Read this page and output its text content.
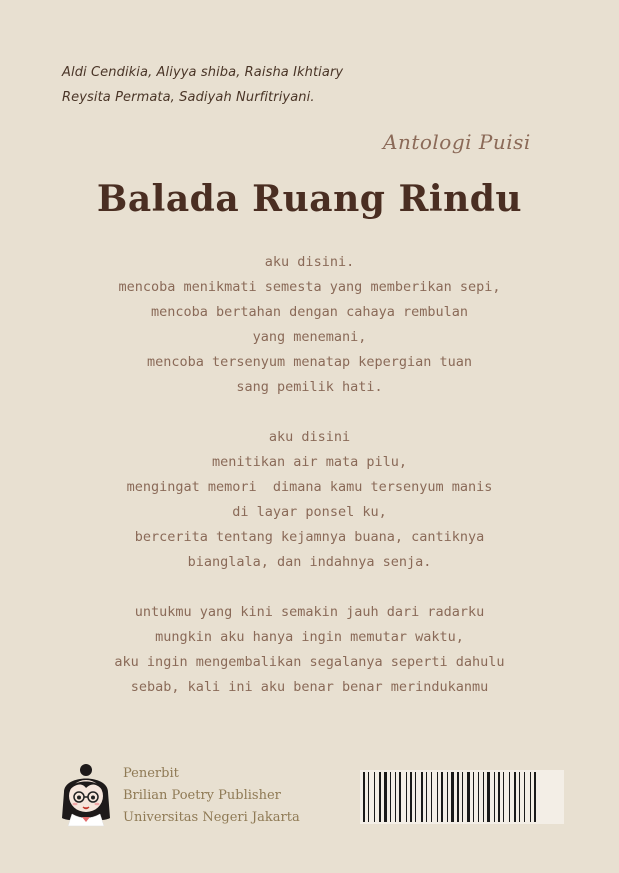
Aldi Cendikia, Aliyya shiba, Raisha Ikhtiary
Reysita Permata, Sadiyah Nurfitriyani.
Antologi Puisi
Balada Ruang Rindu
aku disini.
mencoba menikmati semesta yang memberikan sepi,
mencoba bertahan dengan cahaya rembulan
yang menemani,
mencoba tersenyum menatap kepergian tuan
sang pemilik hati.
aku disini
menitikan air mata pilu,
mengingat memori  dimana kamu tersenyum manis
di layar ponsel ku,
bercerita tentang kejamnya buana, cantiknya
bianglala, dan indahnya senja.
untukmu yang kini semakin jauh dari radarku
mungkin aku hanya ingin memutar waktu,
aku ingin mengembalikan segalanya seperti dahulu
sebab, kali ini aku benar benar merindukanmu
Penerbit
Brilian Poetry Publisher
Universitas Negeri Jakarta
